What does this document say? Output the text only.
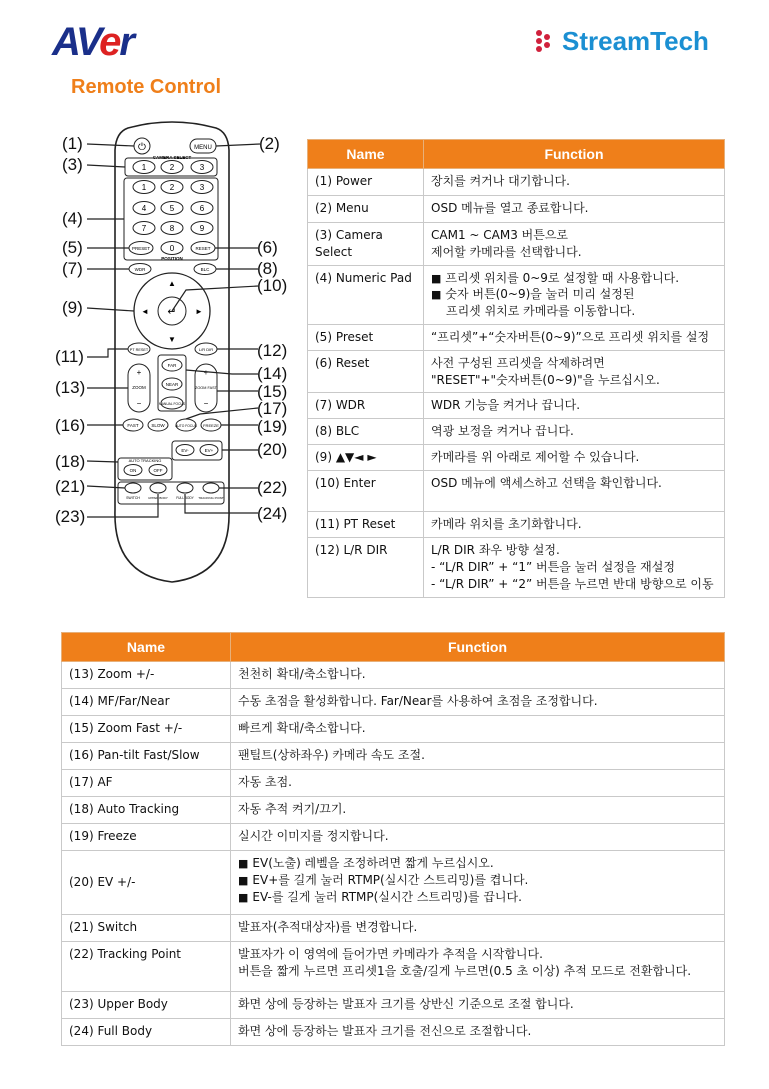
AVer	StreamTech
Remote Control
⏻	MENU
CAMERA SELECT
1	2	3
1	2	3
4	5	6
7	8	9
PRESET 0	RESET
POSITION
WDR	BLC
↵
▲
▼
◄	►
PT RESET	L/R DIR
+
ZOOM
−
+
ZOOM FAST
−
FAR
NEAR
MANUAL FOCUS
FAST	SLOW	AUTO FOCUS FREEZE
EV-	EV+
AUTO TRACKING
ON	OFF
SWITCH	UPPER BODY	FULL BODY TRACKING POINT
(1)	(2)
(3)
(4)
(5)	(6)
(7)	(8)
(9)
(10)
(11)	(12)
(13)
(14)
(15)
(16)
(17)
(18)
(19)
(20)
(21)	(22)
(23)	(24)
Name	Function
(1) Power	장치를 켜거나 대기합니다.
(2) Menu	OSD 메뉴를 열고 종료합니다.
(3) Camera Select	CAM1 ~ CAM3 버튼으로
제어할 카메라를 선택합니다.

(4) Numeric Pad	■ 프리셋 위치를 0~9로 설정할 때 사용합니다.
■ 숫자 버튼(0~9)을 눌러 미리 설정된
프리셋 위치로 카메라를 이동합니다.

(5) Preset	“프리셋”+“숫자버튼(0~9)”으로 프리셋 위치를 설정
(6) Reset	사전 구성된 프리셋을 삭제하려면
"RESET"+"숫자버튼(0~9)"을 누르십시오.

(7) WDR	WDR 기능을 켜거나 끕니다.
(8) BLC	역광 보정을 켜거나 끕니다.
(9) ▲▼◄ ►	카메라를 위 아래로 제어할 수 있습니다.
(10) Enter	OSD 메뉴에 액세스하고 선택을 확인합니다.
(11) PT Reset	카메라 위치를 초기화합니다.
(12) L/R DIR	L/R DIR 좌우 방향 설정.
- “L/R DIR” + “1” 버튼을 눌러 설정을 재설정
- “L/R DIR” + “2” 버튼을 누르면 반대 방향으로 이동
Name	Function
(13) Zoom +/-	천천히 확대/축소합니다.
(14) MF/Far/Near	수동 초점을 활성화합니다. Far/Near를 사용하여 초점을 조정합니다.
(15) Zoom Fast +/-	빠르게 확대/축소합니다.
(16) Pan-tilt Fast/Slow	팬틸트(상하좌우) 카메라 속도 조절.
(17) AF	자동 초점.
(18) Auto Tracking	자동 추적 켜기/끄기.
(19) Freeze	실시간 이미지를 정지합니다.
(20) EV +/-	■ EV(노출) 레벨을 조정하려면 짧게 누르십시오.
■ EV+를 길게 눌러 RTMP(실시간 스트리밍)를 켭니다.
■ EV-를 길게 눌러 RTMP(실시간 스트리밍)를 끕니다.

(21) Switch	발표자(추적대상자)를 변경합니다.
(22) Tracking Point	발표자가 이 영역에 들어가면 카메라가 추적을 시작합니다.
버튼을 짧게 누르면 프리셋1을 호출/길게 누르면(0.5 초 이상) 추적 모드로 전환합니다.

(23) Upper Body	화면 상에 등장하는 발표자 크기를 상반신 기준으로 조절 합니다.
(24) Full Body	화면 상에 등장하는 발표자 크기를 전신으로 조절합니다.
